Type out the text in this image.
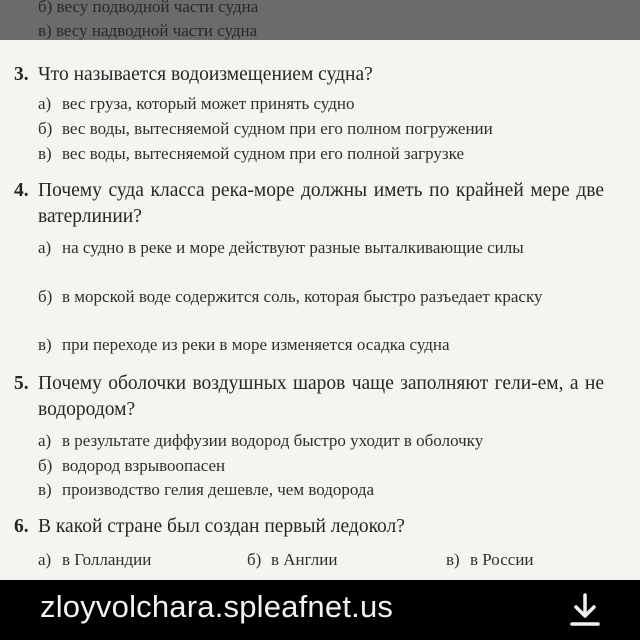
б) весу подводной части судна
в) весу надводной части судна
3. Что называется водоизмещением судна?
а) вес груза, который может принять судно
б) вес воды, вытесняемой судном при его полном погружении
в) вес воды, вытесняемой судном при его полной загрузке
4. Почему суда класса река-море должны иметь по крайней мере две ватерлинии?
а) на судно в реке и море действуют разные выталкивающие силы
б) в морской воде содержится соль, которая быстро разъедает краску
в) при переходе из реки в море изменяется осадка судна
5. Почему оболочки воздушных шаров чаще заполняют гели-ем, а не водородом?
а) в результате диффузии водород быстро уходит в оболочку
б) водород взрывоопасен
в) производство гелия дешевле, чем водорода
6. В какой стране был создан первый ледокол?
а) в Голландии	б) в Англии	в) в России
zloyvolchara.spleafnet.us
